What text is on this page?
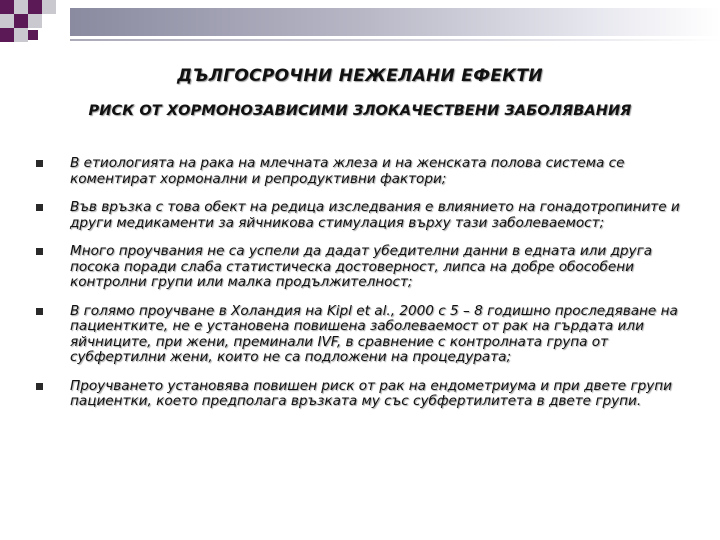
ДЪЛГОСРОЧНИ НЕЖЕЛАНИ ЕФЕКТИ
РИСК ОТ ХОРМОНОЗАВИСИМИ ЗЛОКАЧЕСТВЕНИ ЗАБОЛЯВАНИЯ
В етиологията на рака на млечната жлеза и на женската полова система се коментират хормонални и репродуктивни фактори;
Във връзка с това обект на редица изследвания е влиянието на гонадотропините и други медикаменти за яйчникова стимулация върху тази заболеваемост;
Много проучвания не са успели да дадат убедителни данни в едната или друга посока поради слаба статистическа достоверност, липса на добре обособени контролни групи или малка продължителност;
В голямо проучване в Холандия на Kipl et al., 2000 с 5 – 8 годишно проследяване на пациентките, не е установена повишена заболеваемост от рак на гърдата или яйчниците, при жени, преминали IVF, в сравнение с контролната група от субфертилни жени, които не са подложени на процедурата;
Проучването установява повишен риск от рак на ендометриума и при двете групи пациентки, което предполага връзката му със субфертилитета в двете групи.
